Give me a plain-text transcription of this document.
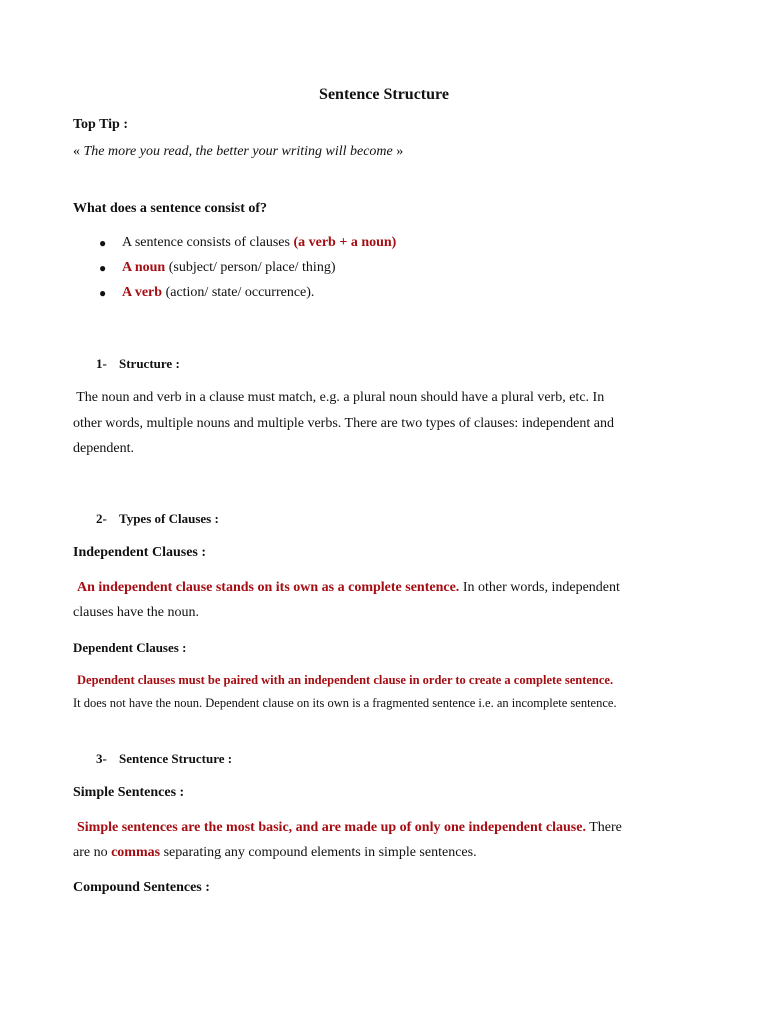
Sentence Structure
Top Tip :
« The more you read, the better your writing will become »
What does a sentence consist of?
● A sentence consists of clauses (a verb + a noun)
● A noun (subject/ person/ place/ thing)
● A verb (action/ state/ occurrence).
1- Structure :
The noun and verb in a clause must match, e.g. a plural noun should have a plural verb, etc. In
other words, multiple nouns and multiple verbs. There are two types of clauses: independent and
dependent.
2- Types of Clauses :
Independent Clauses :
An independent clause stands on its own as a complete sentence. In other words, independent
clauses have the noun.
Dependent Clauses :
Dependent clauses must be paired with an independent clause in order to create a complete sentence.
It does not have the noun. Dependent clause on its own is a fragmented sentence i.e. an incomplete sentence.
3- Sentence Structure :
Simple Sentences :
Simple sentences are the most basic, and are made up of only one independent clause. There
are no commas separating any compound elements in simple sentences.
Compound Sentences :
